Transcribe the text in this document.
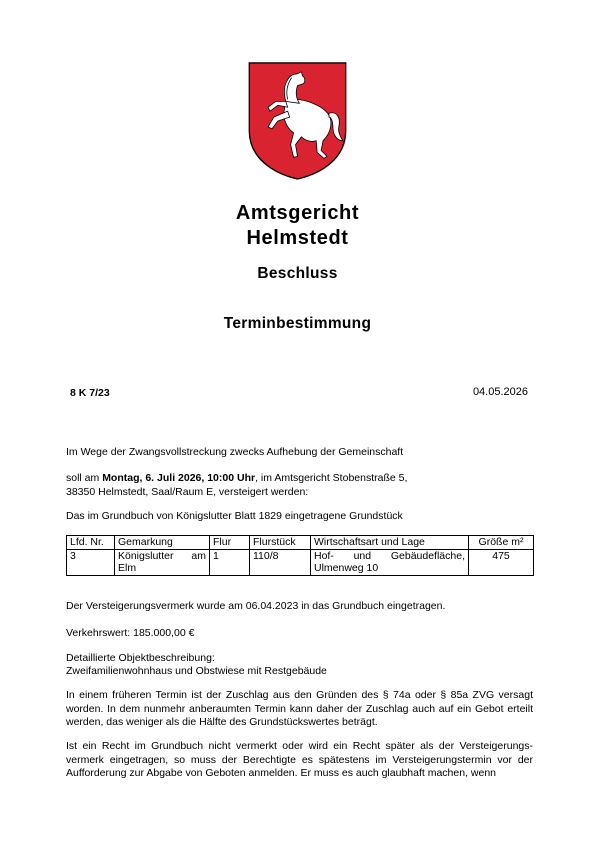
Amtsgericht
Helmstedt
Beschluss
Terminbestimmung
8 K 7/23	04.05.2026
Im Wege der Zwangsvollstreckung zwecks Aufhebung der Gemeinschaft
soll am Montag, 6. Juli 2026, 10:00 Uhr, im Amtsgericht Stobenstraße 5,
38350 Helmstedt, Saal/Raum E, versteigert werden:
Das im Grundbuch von Königslutter Blatt 1829 eingetragene Grundstück
Lfd. Nr.	Gemarkung	Flur	Flurstück	Wirtschaftsart und Lage	Größe m²
3	Königslutter am Elm	1	110/8	Hof- und Gebäudefläche, Ulmenweg 10	475
Der Versteigerungsvermerk wurde am 06.04.2023 in das Grundbuch eingetragen.
Verkehrswert: 185.000,00 €
Detaillierte Objektbeschreibung:
Zweifamilienwohnhaus und Obstwiese mit Restgebäude
In einem früheren Termin ist der Zuschlag aus den Gründen des § 74a oder § 85a ZVG versagt worden. In dem nunmehr anberaumten Termin kann daher der Zuschlag auch auf ein Gebot erteilt werden, das weniger als die Hälfte des Grundstückswertes beträgt.
Ist ein Recht im Grundbuch nicht vermerkt oder wird ein Recht später als der Versteigerungs-vermerk eingetragen, so muss der Berechtigte es spätestens im Versteigerungstermin vor der Aufforderung zur Abgabe von Geboten anmelden. Er muss es auch glaubhaft machen, wenn
